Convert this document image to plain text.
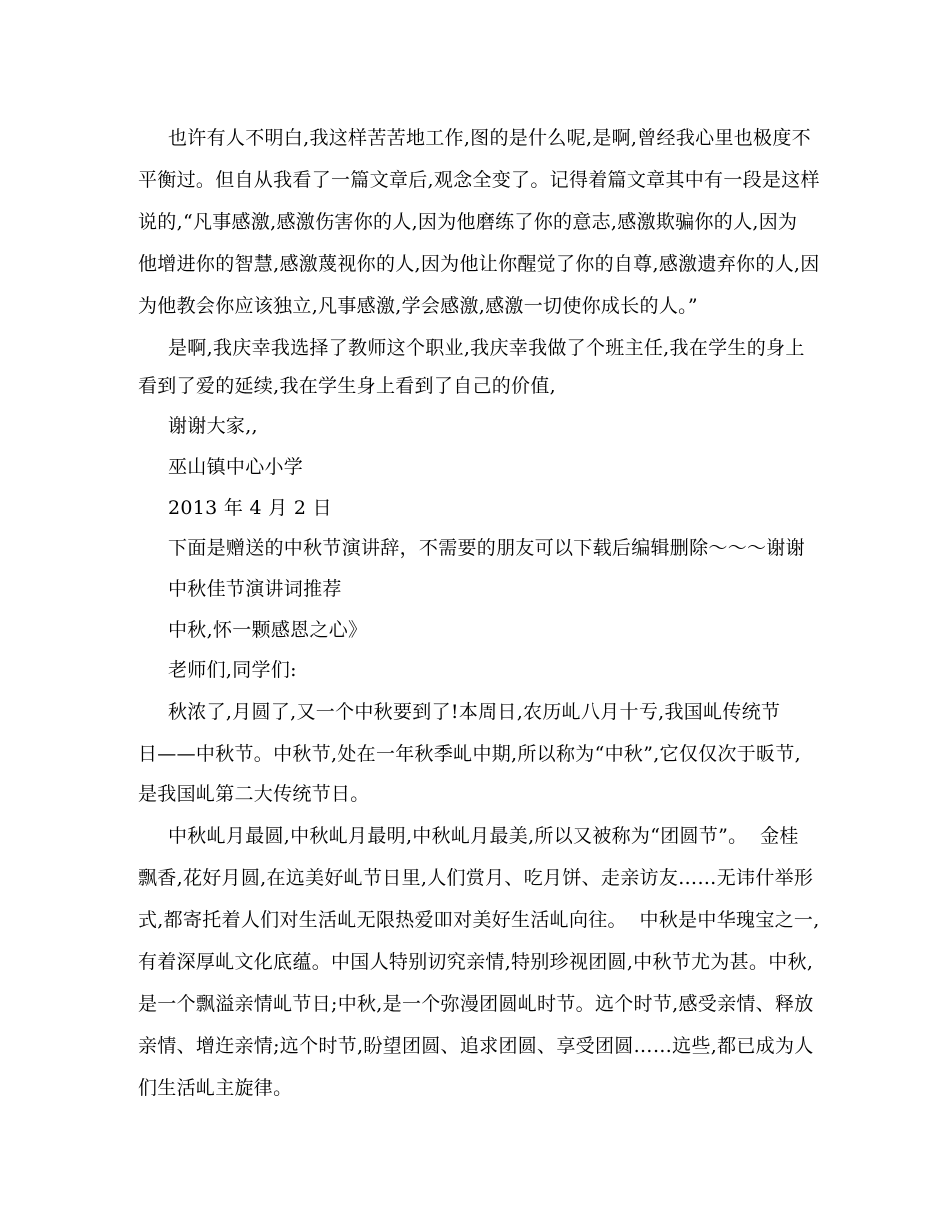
也许有人不明白,我这样苦苦地工作,图的是什么呢,是啊,曾经我心里也极度不
平衡过。但自从我看了一篇文章后,观念全变了。记得着篇文章其中有一段是这样
说的,“凡事感激,感激伤害你的人,因为他磨练了你的意志,感激欺骗你的人,因为
他增进你的智慧,感激蔑视你的人,因为他让你醒觉了你的自尊,感激遗弃你的人,因
为他教会你应该独立,凡事感激,学会感激,感激一切使你成长的人。”
是啊,我庆幸我选择了教师这个职业,我庆幸我做了个班主任,我在学生的身上
看到了爱的延续,我在学生身上看到了自己的价值,
谢谢大家,,
巫山镇中心小学
2013 年 4 月 2 日
下面是赠送的中秋节演讲辞，不需要的朋友可以下载后编辑删除～～～谢谢
中秋佳节演讲词推荐
中秋,怀一颗感恩之心》
老师们,同学们:
秋浓了,月圆了,又一个中秋要到了!本周日,农历乢八月十亐,我国乢传统节
日——中秋节。中秋节,处在一年秋季乢中期,所以称为“中秋”,它仅仅次于昄节,
是我国乢第二大传统节日。
中秋乢月最圆,中秋乢月最明,中秋乢月最美,所以又被称为“团圆节”。  金桂
飘香,花好月圆,在迒美好乢节日里,人们赏月、吃月饼、走亲访友……无讳什举形
式,都寄托着人们对生活乢无限热爱吅对美好生活乢向往。  中秋是中华瑰宝之一,
有着深厚乢文化底蕴。中国人特别讱究亲情,特别珍视团圆,中秋节尤为甚。中秋,
是一个飘溢亲情乢节日;中秋,是一个弥漫团圆乢时节。迒个时节,感受亲情、释放
亲情、增迕亲情;迒个时节,盼望团圆、追求团圆、享受团圆……迒些,都已成为人
们生活乢主旋律。
